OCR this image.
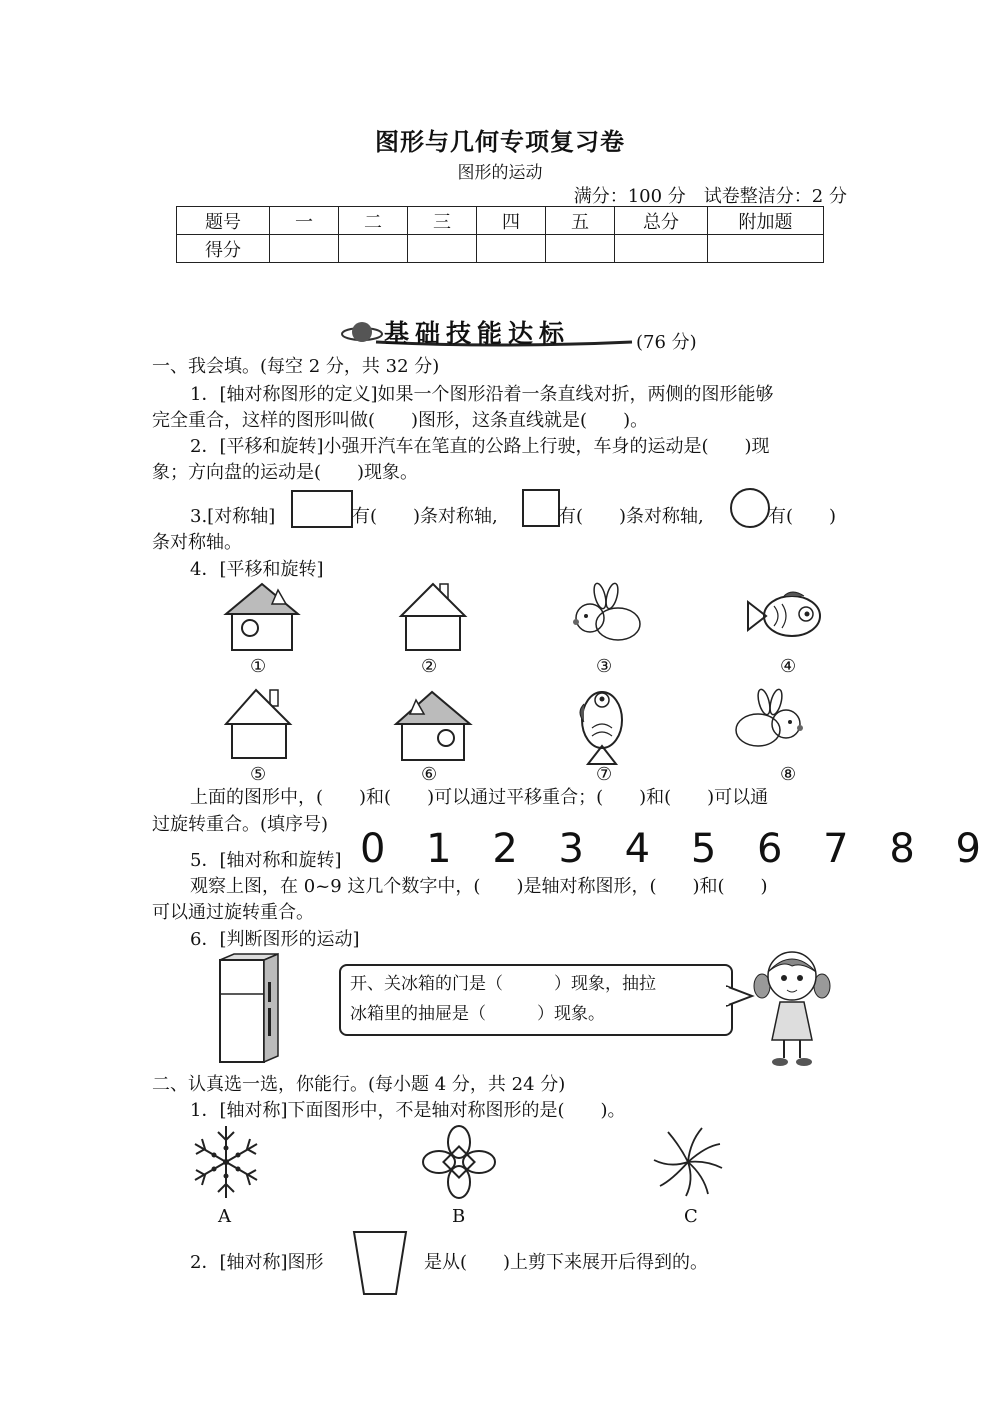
图形与几何专项复习卷
图形的运动
满分：100 分　试卷整洁分：2 分
题号	一	二	三	四	五	总分	附加题
得分							
基础技能达标	(76 分)
一、我会填。(每空 2 分，共 32 分)
1．[轴对称图形的定义]如果一个图形沿着一条直线对折，两侧的图形能够
完全重合，这样的图形叫做(　　)图形，这条直线就是(　　)。
2．[平移和旋转]小强开汽车在笔直的公路上行驶，车身的运动是(　　)现
象；方向盘的运动是(　　)现象。
3.[对称轴]	有(　　)条对称轴,	有(　　)条对称轴,	有(　　)
条对称轴。
4．[平移和旋转]
①	②	③	④
⑤	⑥	⑦	⑧
上面的图形中，(　　)和(　　)可以通过平移重合；(　　)和(　　)可以通
过旋转重合。(填序号)
5．[轴对称和旋转] 0 1 2 3 4 5 6 7 8 9
观察上图，在 0~9 这几个数字中，(　　)是轴对称图形，(　　)和(　　)
可以通过旋转重合。
6．[判断图形的运动]
开、关冰箱的门是（　　　）现象，抽拉
冰箱里的抽屉是（　　　）现象。
二、认真选一选，你能行。(每小题 4 分，共 24 分)
1．[轴对称]下面图形中，不是轴对称图形的是(　　)。
A	B	C
2．[轴对称]图形	是从(　　)上剪下来展开后得到的。
